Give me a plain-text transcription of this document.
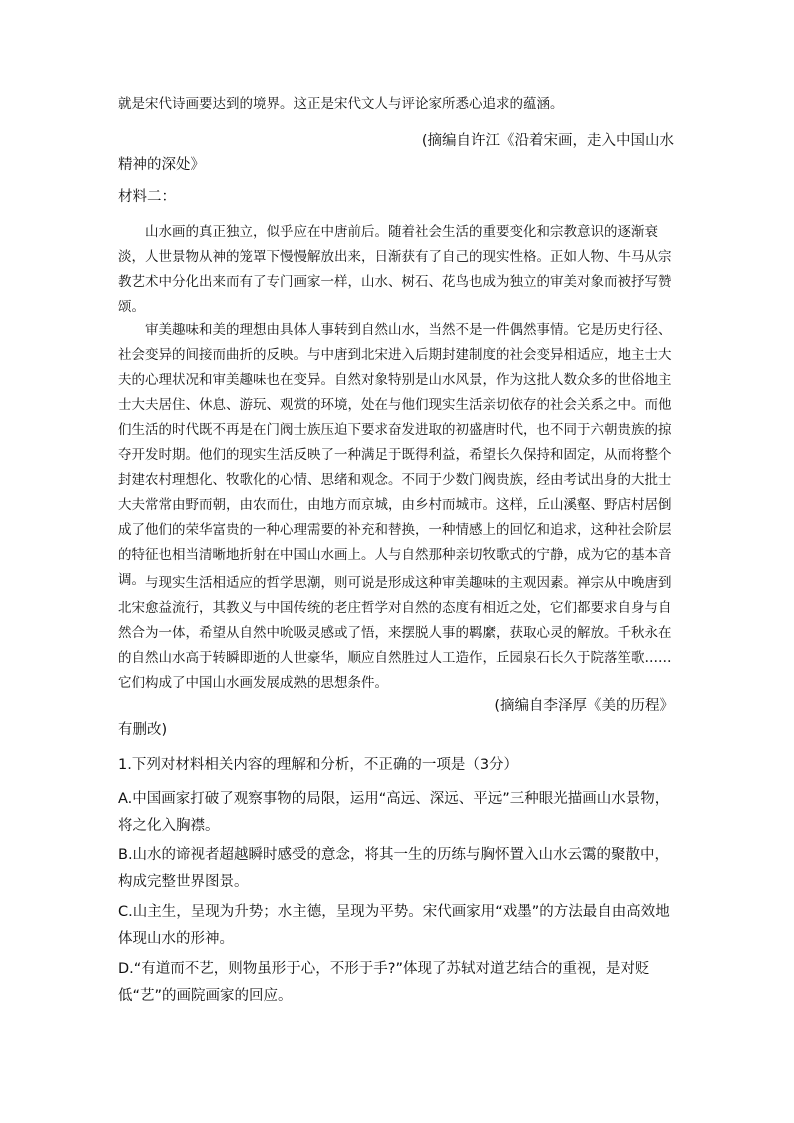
就是宋代诗画要达到的境界。这正是宋代文人与评论家所悉心追求的蕴涵。

(摘编自许江《沿着宋画，走入中国山水
精神的深处》

材料二：

山水画的真正独立，似乎应在中唐前后。随着社会生活的重要变化和宗教意识的逐渐衰淡，人世景物从神的笼罩下慢慢解放出来，日渐获有了自己的现实性格。正如人物、牛马从宗教艺术中分化出来而有了专门画家一样，山水、树石、花鸟也成为独立的审美对象而被抒写赞颂。

审美趣味和美的理想由具体人事转到自然山水，当然不是一件偶然事情。它是历史行径、社会变异的间接而曲折的反映。与中唐到北宋进入后期封建制度的社会变异相适应，地主士大夫的心理状况和审美趣味也在变异。自然对象特别是山水风景，作为这批人数众多的世俗地主士大夫居住、休息、游玩、观赏的环境，处在与他们现实生活亲切依存的社会关系之中。而他们生活的时代既不再是在门阀士族压迫下要求奋发进取的初盛唐时代，也不同于六朝贵族的掠夺开发时期。他们的现实生活反映了一种满足于既得利益，希望长久保持和固定，从而将整个封建农村理想化、牧歌化的心情、思绪和观念。不同于少数门阀贵族，经由考试出身的大批士大夫常常由野而朝，由农而仕，由地方而京城，由乡村而城市。这样，丘山溪壑、野店村居倒成了他们的荣华富贵的一种心理需要的补充和替换，一种情感上的回忆和追求，这种社会阶层的特征也相当清晰地折射在中国山水画上。人与自然那种亲切牧歌式的宁静，成为它的基本音调。 与现实生活相适应的哲学思潮，则可说是形成这种审美趣味的主观因素。禅宗从中晚唐到北宋愈益流行，其教义与中国传统的老庄哲学对自然的态度有相近之处，它们都要求自身与自然合为一体，希望从自然中吮吸灵感或了悟，来摆脱人事的羁縻，获取心灵的解放。千秋永在的自然山水高于转瞬即逝的人世豪华，顺应自然胜过人工造作，丘园泉石长久于院落笙歌……它们构成了中国山水画发展成熟的思想条件。

(摘编自李泽厚《美的历程》
有删改)

1.下列对材料相关内容的理解和分析，不正确的一项是（3分）

A.中国画家打破了观察事物的局限，运用“高远、深远、平远”三种眼光描画山水景物，将之化入胸襟。

B.山水的谛视者超越瞬时感受的意念，将其一生的历练与胸怀置入山水云霭的聚散中，构成完整世界图景。

C.山主生，呈现为升势；水主德，呈现为平势。宋代画家用“戏墨”的方法最自由高效地体现山水的形神。

D.“有道而不艺，则物虽形于心，不形于手?”体现了苏轼对道艺结合的重视，是对贬低“艺”的画院画家的回应。
